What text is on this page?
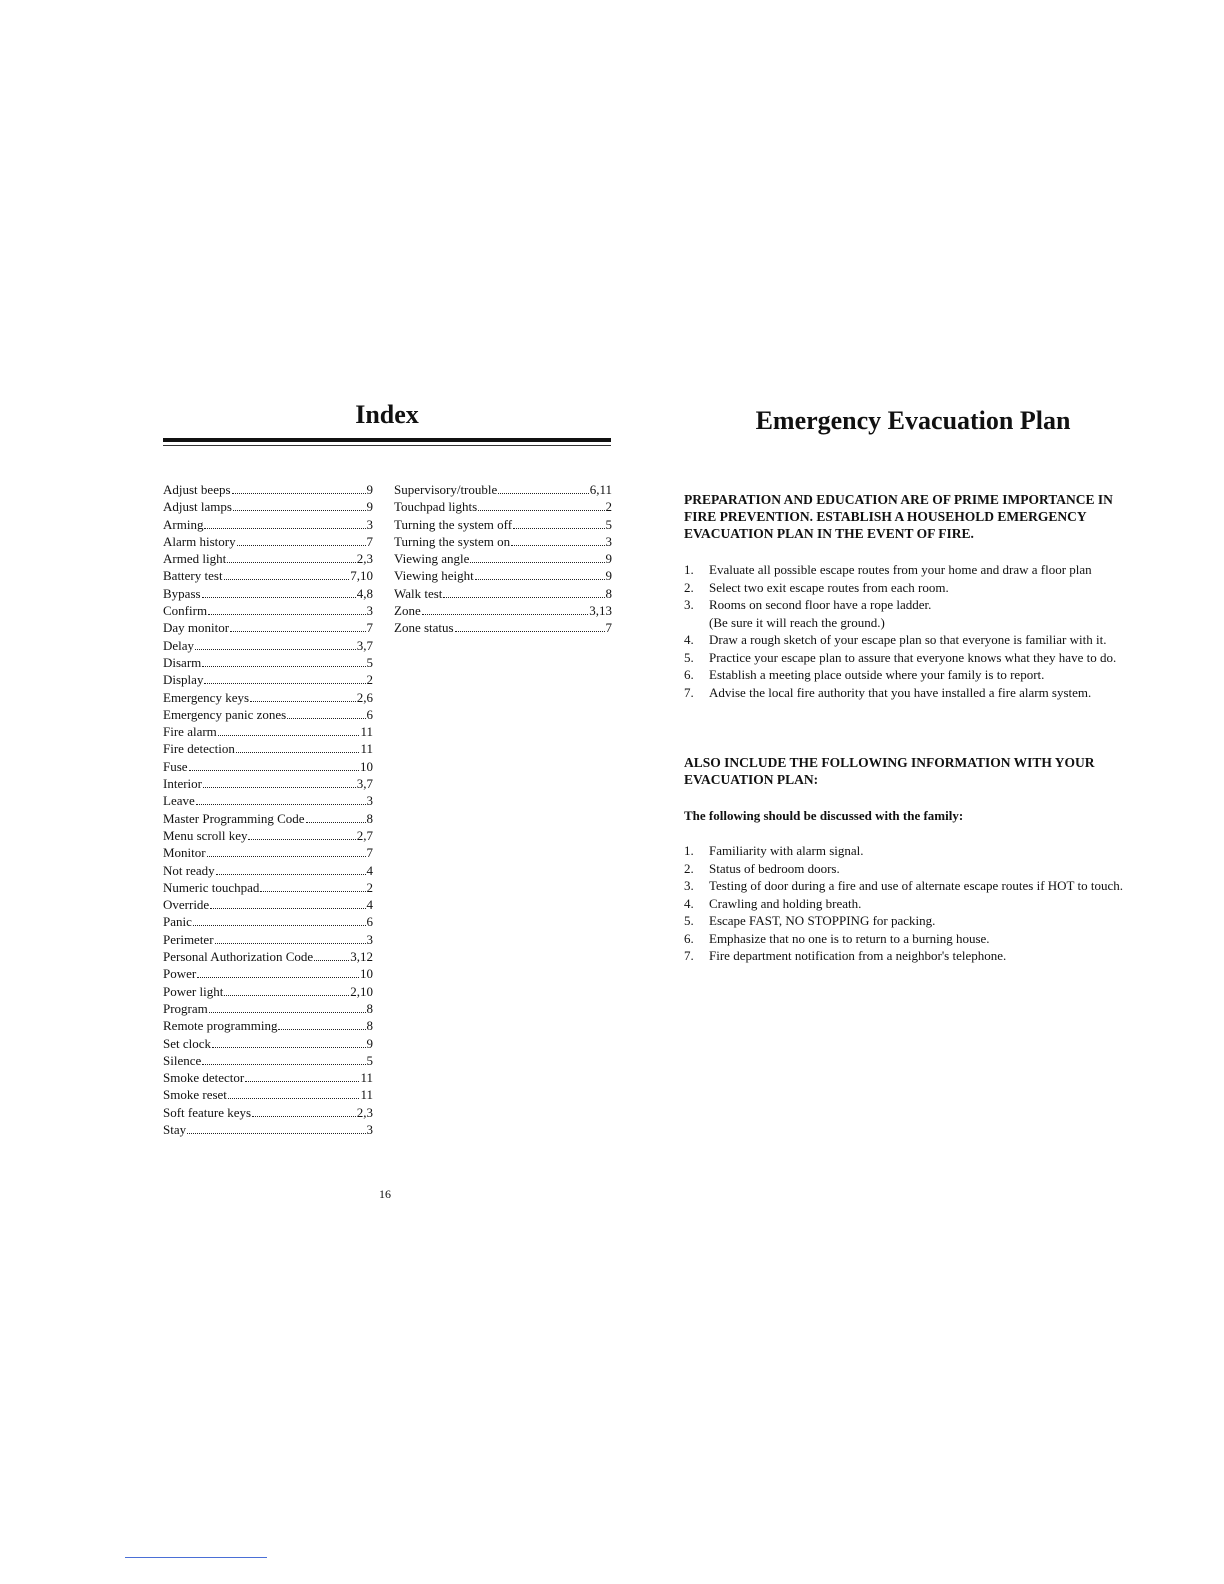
Index
Adjust beeps	9
Adjust lamps	9
Arming	3
Alarm history	7
Armed light	2,3
Battery test	7,10
Bypass	4,8
Confirm	3
Day monitor	7
Delay	3,7
Disarm	5
Display	2
Emergency keys	2,6
Emergency panic zones	6
Fire alarm	11
Fire detection	11
Fuse	10
Interior	3,7
Leave	3
Master Programming Code	8
Menu scroll key	2,7
Monitor	7
Not ready	4
Numeric touchpad	2
Override	4
Panic	6
Perimeter	3
Personal Authorization Code	3,12
Power	10
Power light	2,10
Program	8
Remote programming	8
Set clock	9
Silence	5
Smoke detector	11
Smoke reset	11
Soft feature keys	2,3
Stay	3
Supervisory/trouble	6,11
Touchpad lights	2
Turning the system off	5
Turning the system on	3
Viewing angle	9
Viewing height	9
Walk test	8
Zone	3,13
Zone status	7
16
Emergency Evacuation Plan

PREPARATION AND EDUCATION ARE OF PRIME IMPORTANCE IN FIRE PREVENTION. ESTABLISH A HOUSEHOLD EMERGENCY EVACUATION PLAN IN THE EVENT OF FIRE.

1.	Evaluate all possible escape routes from your home and draw a floor plan
2.	Select two exit escape routes from each room.
3.	Rooms on second floor have a rope ladder.
(Be sure it will reach the ground.)
4.	Draw a rough sketch of your escape plan so that everyone is familiar with it.
5.	Practice your escape plan to assure that everyone knows what they have to do.
6.	Establish a meeting place outside where your family is to report.
7.	Advise the local fire authority that you have installed a fire alarm system.

ALSO INCLUDE THE FOLLOWING INFORMATION WITH YOUR EVACUATION PLAN:

The following should be discussed with the family:

1.	Familiarity with alarm signal.
2.	Status of bedroom doors.
3.	Testing of door during a fire and use of alternate escape routes if HOT to touch.
4.	Crawling and holding breath.
5.	Escape FAST, NO STOPPING for packing.
6.	Emphasize that no one is to return to a burning house.
7.	Fire department notification from a neighbor's telephone.
